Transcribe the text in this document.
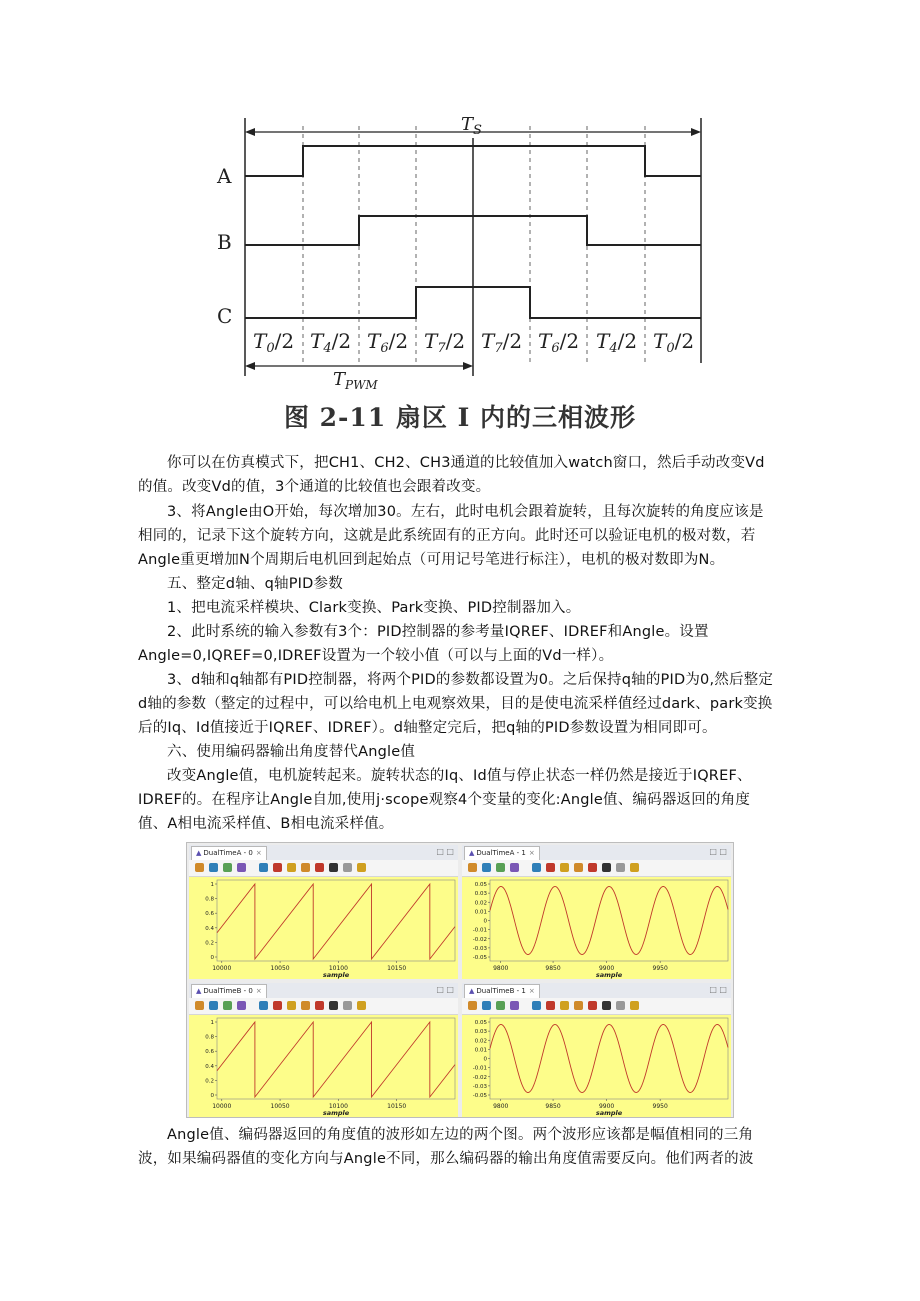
$T_S$
A
B
C
$T_0/2$ $T_4/2$ $T_6/2$ $T_7/2$ $T_7/2$ $T_6/2$ $T_4/2$ $T_0/2$
$T_{PWM}$
图 2-11 扇区 I 内的三相波形

你可以在仿真模式下，把CH1、CH2、CH3通道的比较值加入watch窗口，然后手动改变Vd的值。改变Vd的值，3个通道的比较值也会跟着改变。

3、将Angle由O开始，每次增加30。左右，此时电机会跟着旋转，且每次旋转的角度应该是相同的，记录下这个旋转方向，这就是此系统固有的正方向。此时还可以验证电机的极对数，若Angle重更增加N个周期后电机回到起始点（可用记号笔进行标注），电机的极对数即为N。

五、整定d轴、q轴PID参数

1、把电流采样模块、Clark变换、Park变换、PID控制器加入。

2、此时系统的输入参数有3个：PID控制器的参考量IQREF、IDREF和Angle。设置Angle=0,IQREF=0,IDREF设置为一个较小值（可以与上面的Vd一样）。

3、d轴和q轴都有PID控制器，将两个PID的参数都设置为0。之后保持q轴的PID为0,然后整定d轴的参数（整定的过程中，可以给电机上电观察效果，目的是使电流采样值经过dark、park变换后的Iq、Id值接近于IQREF、IDREF）。d轴整定完后，把q轴的PID参数设置为相同即可。

六、使用编码器输出角度替代Angle值

改变Angle值，电机旋转起来。旋转状态的Iq、Id值与停止状态一样仍然是接近于IQREF、IDREF的。在程序让Angle自加,使用j·scope观察4个变量的变化:Angle值、编码器返回的角度值、A相电流采样值、B相电流采样值。

▲ DualTimeA - 0 ×	□ □
1
0.8
0.6
0.4
0.2
0
10000	10050	10100	10150
sample
▲ DualTimeA - 1 ×	□ □
0.05
0.03
0.02
0.01
0
-0.01
-0.02
-0.03
-0.05
9800	9850	9900	9950
sample
▲ DualTimeB - 0 ×	□ □
1
0.8
0.6
0.4
0.2
0
10000	10050	10100	10150
sample
▲ DualTimeB - 1 ×	□ □
0.05
0.03
0.02
0.01
0
-0.01
-0.02
-0.03
-0.05
9800	9850	9900	9950
sample

Angle值、编码器返回的角度值的波形如左边的两个图。两个波形应该都是幅值相同的三角波，如果编码器值的变化方向与Angle不同，那么编码器的输出角度值需要反向。他们两者的波
